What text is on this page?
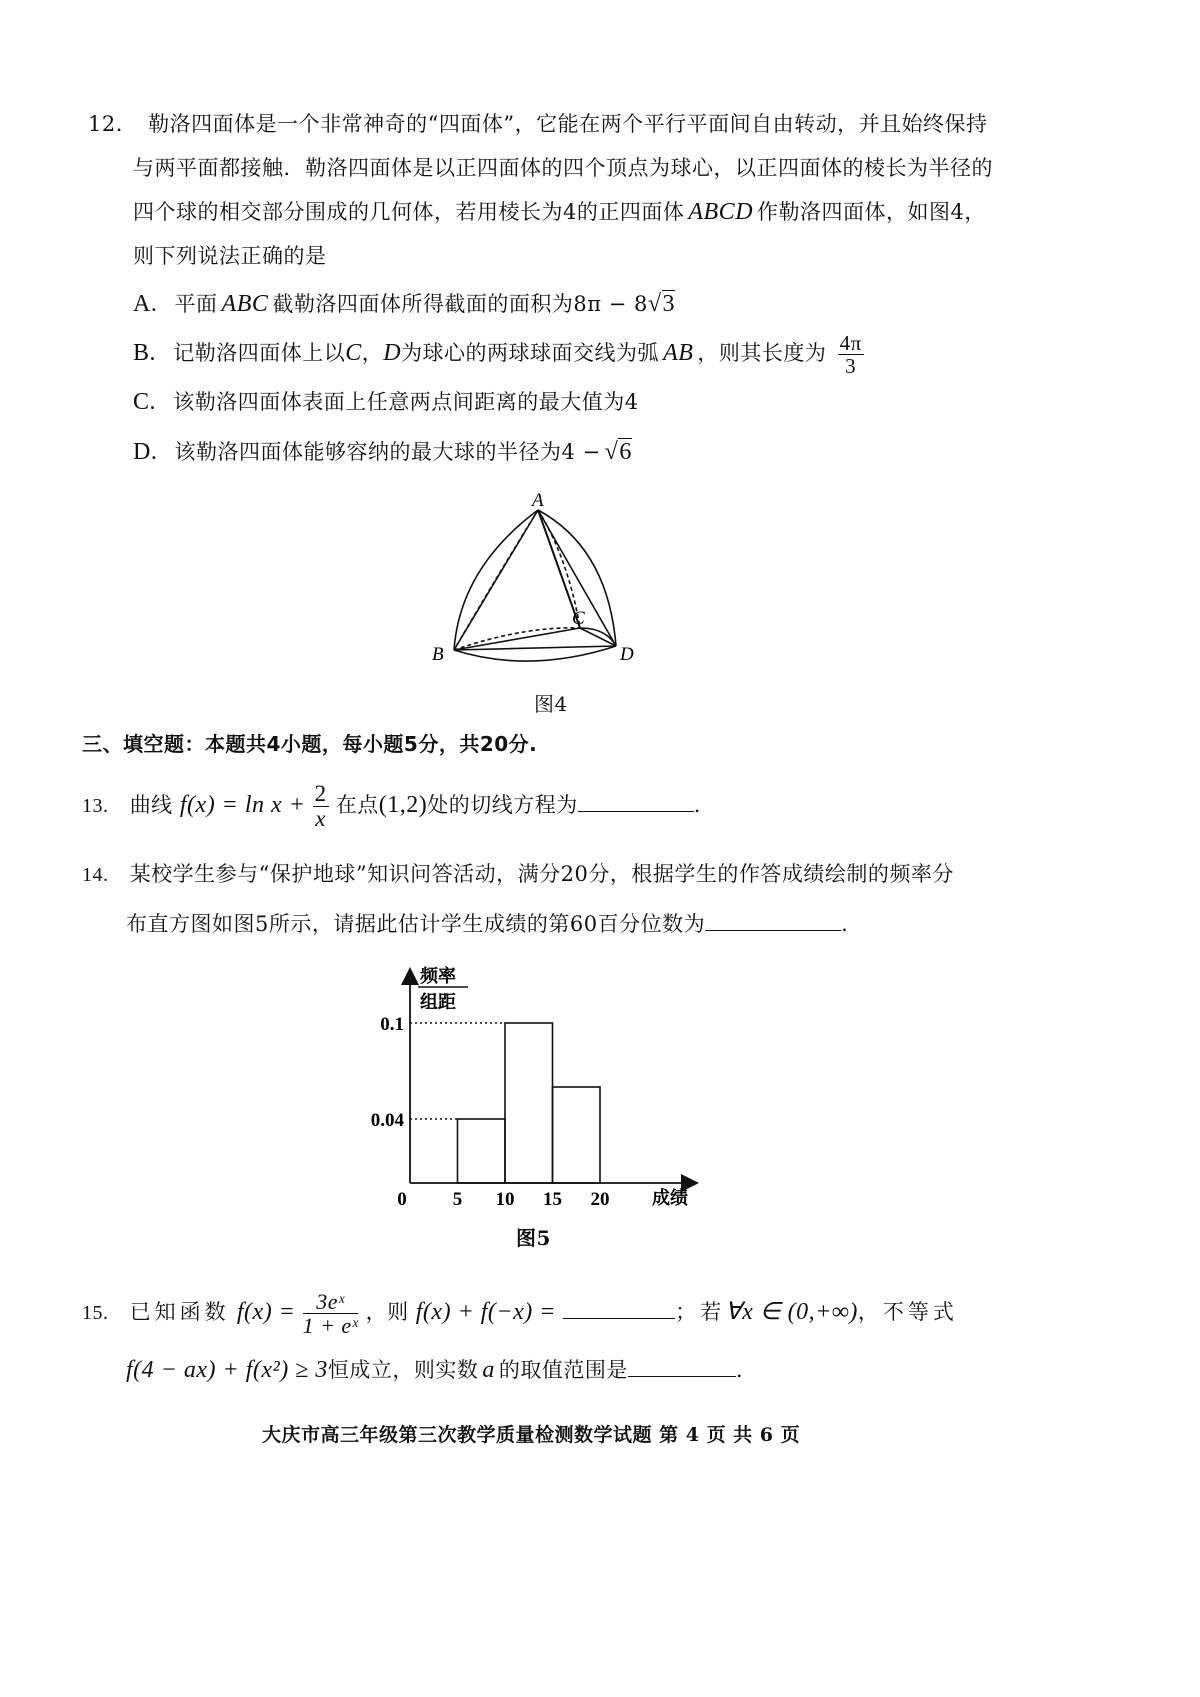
12. 勒洛四面体是一个非常神奇的“四面体”，它能在两个平行平面间自由转动，并且始终保持
与两平面都接触．勒洛四面体是以正四面体的四个顶点为球心，以正四面体的棱长为半径的
四个球的相交部分围成的几何体，若用棱长为4的正四面体 ABCD 作勒洛四面体，如图4，
则下列说法正确的是
A. 平面 ABC 截勒洛四面体所得截面的面积为8π − 8√3
B. 记勒洛四面体上以C，D为球心的两球球面交线为弧 AB ，则其长度为 $\frac{4\pi}{3}$
C. 该勒洛四面体表面上任意两点间距离的最大值为4
D. 该勒洛四面体能够容纳的最大球的半径为4 − √6
A
B
C
D
图4
三、填空题：本题共4小题，每小题5分，共20分.
13. 曲线 $f(x) = \ln x + \frac{2}{x}$ 在点(1,2)处的切线方程为	.
14. 某校学生参与“保护地球”知识问答活动，满分20分，根据学生的作答成绩绘制的频率分
布直方图如图5所示，请据此估计学生成绩的第60百分位数为	.
0.04
0.1
0 5 10 15 20
频率
组距
成绩
图5
15. 已知函数 $f(x) = \frac{\text{3eˣ}}{\text{1 + eˣ}}$ ，则 f(x) + f(−x) =	；若∀x ∈ (0,+∞)，不等式
f(4 − ax) + f(x²) ≥ 3恒成立，则实数 a 的取值范围是	.
大庆市高三年级第三次教学质量检测数学试题 第 4 页 共 6 页
